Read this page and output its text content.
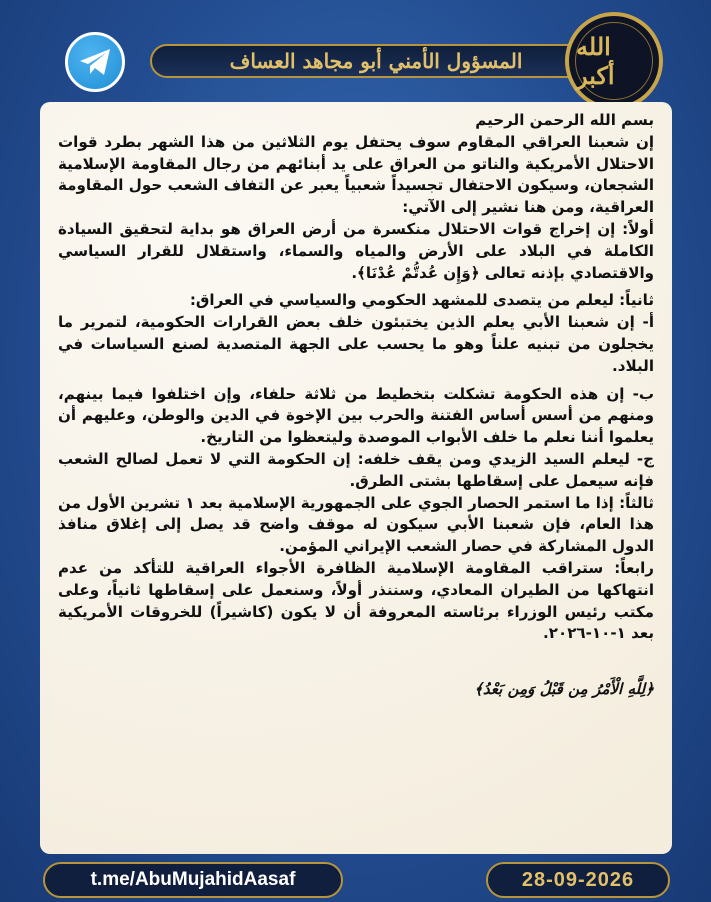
المسؤول الأمني أبو مجاهد العساف	الله أكبر

بسم الله الرحمن الرحيم

إن شعبنا العراقي المقاوم سوف يحتفل يوم الثلاثين من هذا الشهر بطرد قوات الاحتلال الأمريكية والناتو من العراق على يد أبنائهم من رجال المقاومة الإسلامية الشجعان، وسيكون الاحتفال تجسيداً شعبياً يعبر عن التفاف الشعب حول المقاومة العراقية، ومن هنا نشير إلى الآتي:

أولاً: إن إخراج قوات الاحتلال منكسرة من أرض العراق هو بداية لتحقيق السيادة الكاملة في البلاد على الأرض والمياه والسماء، واستقلال للقرار السياسي والاقتصادي بإذنه تعالى ﴿وَإِن عُدتُّمْ عُدْنَا﴾.

ثانياً: ليعلم من يتصدى للمشهد الحكومي والسياسي في العراق:

أ- إن شعبنا الأبي يعلم الذين يختبئون خلف بعض القرارات الحكومية، لتمرير ما يخجلون من تبنيه علناً وهو ما يحسب على الجهة المتصدية لصنع السياسات في البلاد.

ب- إن هذه الحكومة تشكلت بتخطيط من ثلاثة حلفاء، وإن اختلفوا فيما بينهم، ومنهم من أسس أساس الفتنة والحرب بين الإخوة في الدين والوطن، وعليهم أن يعلموا أننا نعلم ما خلف الأبواب الموصدة وليتعظوا من التاريخ.

ج- ليعلم السيد الزيدي ومن يقف خلفه: إن الحكومة التي لا تعمل لصالح الشعب فإنه سيعمل على إسقاطها بشتى الطرق.

ثالثاً: إذا ما استمر الحصار الجوي على الجمهورية الإسلامية بعد ١ تشرين الأول من هذا العام، فإن شعبنا الأبي سيكون له موقف واضح قد يصل إلى إغلاق منافذ الدول المشاركة في حصار الشعب الإيراني المؤمن.

رابعاً: ستراقب المقاومة الإسلامية الظافرة الأجواء العراقية للتأكد من عدم انتهاكها من الطيران المعادي، وسننذر أولاً، وسنعمل على إسقاطها ثانياً، وعلى مكتب رئيس الوزراء برئاسته المعروفة أن لا يكون (كاشيراً) للخروقات الأمريكية بعد ١-١٠-٢٠٢٦.

﴿لِلَّهِ الْأَمْرُ مِن قَبْلُ وَمِن بَعْدُ﴾

t.me/AbuMujahidAasaf	28-09-2026
